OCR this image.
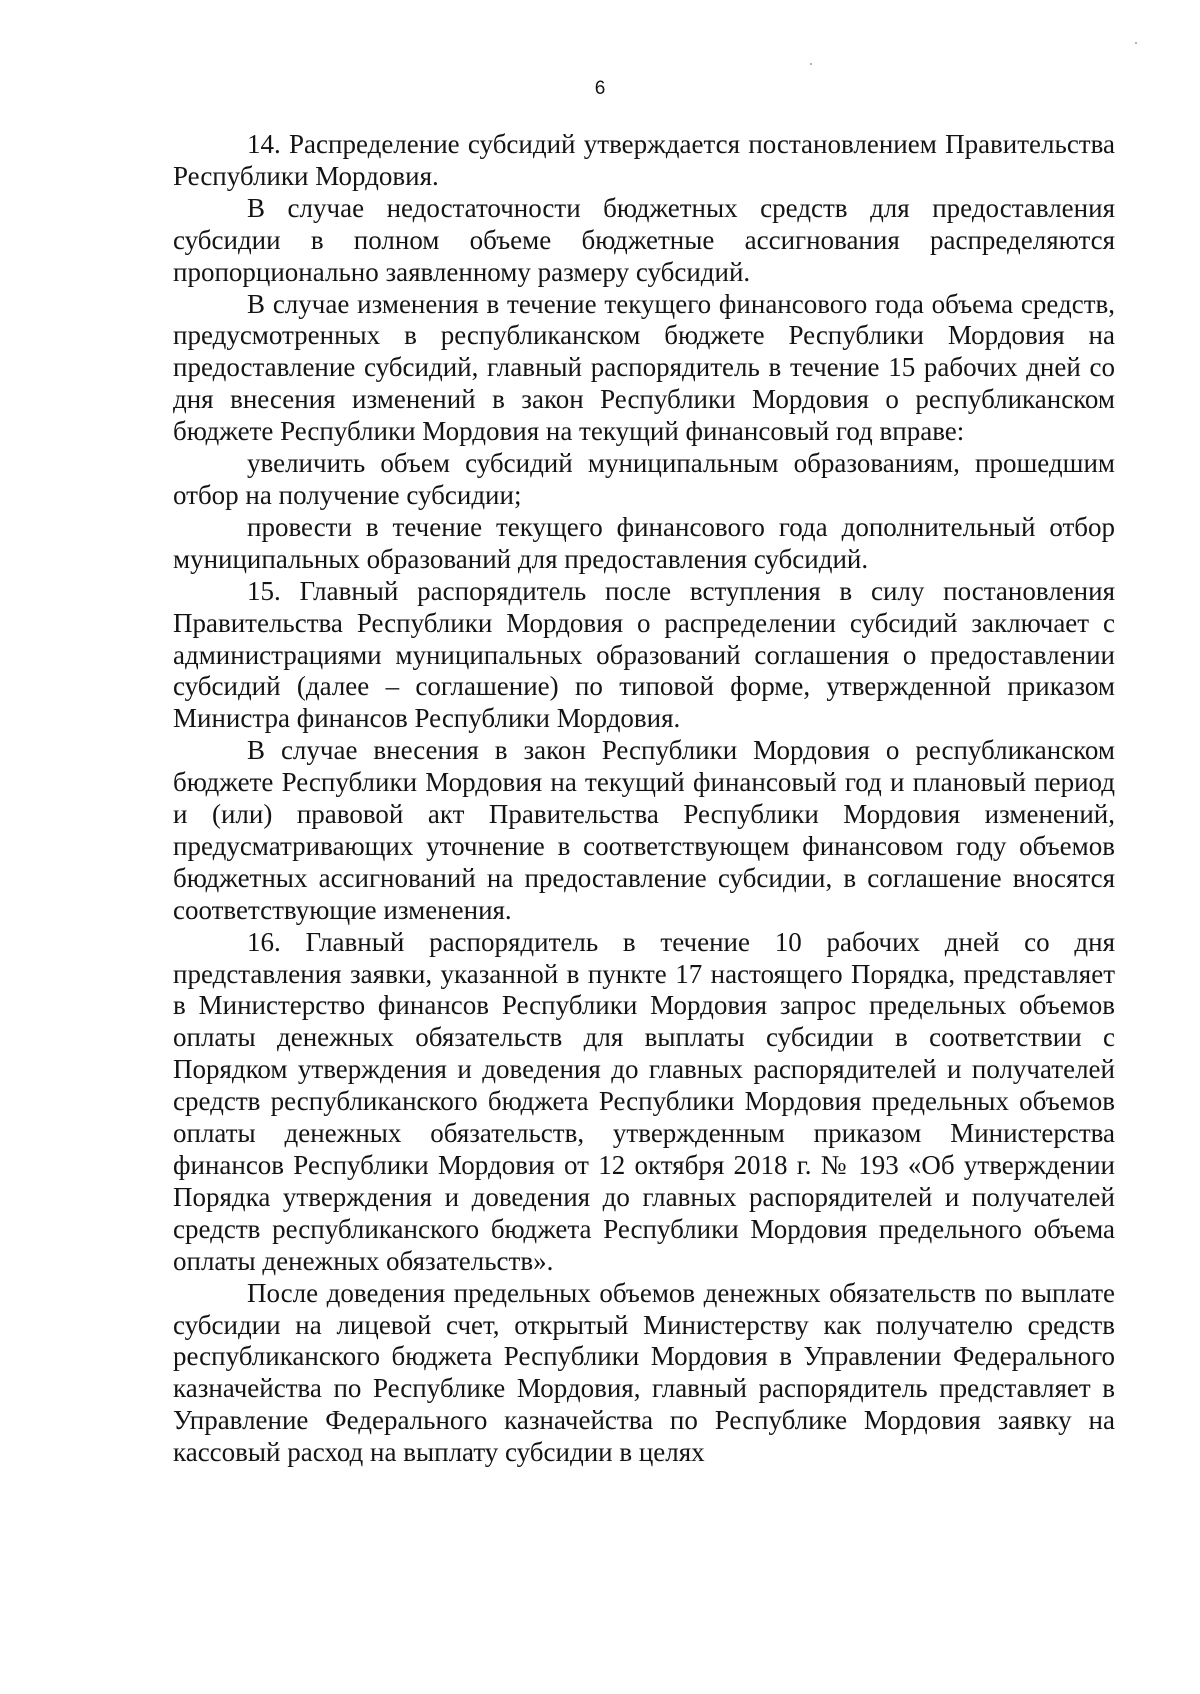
6

14. Распределение субсидий утверждается постановлением Правительства Республики Мордовия.

В случае недостаточности бюджетных средств для предоставления субсидии в полном объеме бюджетные ассигнования распределяются пропорционально заявленному размеру субсидий.

В случае изменения в течение текущего финансового года объема средств, предусмотренных в республиканском бюджете Республики Мордовия на предоставление субсидий, главный распорядитель в течение 15 рабочих дней со дня внесения изменений в закон Республики Мордовия о республиканском бюджете Республики Мордовия на текущий финансовый год вправе:

увеличить объем субсидий муниципальным образованиям, прошедшим отбор на получение субсидии;

провести в течение текущего финансового года дополнительный отбор муниципальных образований для предоставления субсидий.

15. Главный распорядитель после вступления в силу постановления Правительства Республики Мордовия о распределении субсидий заключает с администрациями муниципальных образований соглашения о предоставлении субсидий (далее – соглашение) по типовой форме, утвержденной приказом Министра финансов Республики Мордовия.

В случае внесения в закон Республики Мордовия о республиканском бюджете Республики Мордовия на текущий финансовый год и плановый период и (или) правовой акт Правительства Республики Мордовия изменений, предусматривающих уточнение в соответствующем финансовом году объемов бюджетных ассигнований на предоставление субсидии, в соглашение вносятся соответствующие изменения.

16. Главный распорядитель в течение 10 рабочих дней со дня представления заявки, указанной в пункте 17 настоящего Порядка, представляет в Министерство финансов Республики Мордовия запрос предельных объемов оплаты денежных обязательств для выплаты субсидии в соответствии с Порядком утверждения и доведения до главных распорядителей и получателей средств республиканского бюджета Республики Мордовия предельных объемов оплаты денежных обязательств, утвержденным приказом Министерства финансов Республики Мордовия от 12 октября 2018 г. № 193 «Об утверждении Порядка утверждения и доведения до главных распорядителей и получателей средств республиканского бюджета Республики Мордовия предельного объема оплаты денежных обязательств».

После доведения предельных объемов денежных обязательств по выплате субсидии на лицевой счет, открытый Министерству как получателю средств республиканского бюджета Республики Мордовия в Управлении Федерального казначейства по Республике Мордовия, главный распорядитель представляет в Управление Федерального казначейства по Республике Мордовия заявку на кассовый расход на выплату субсидии в целях
